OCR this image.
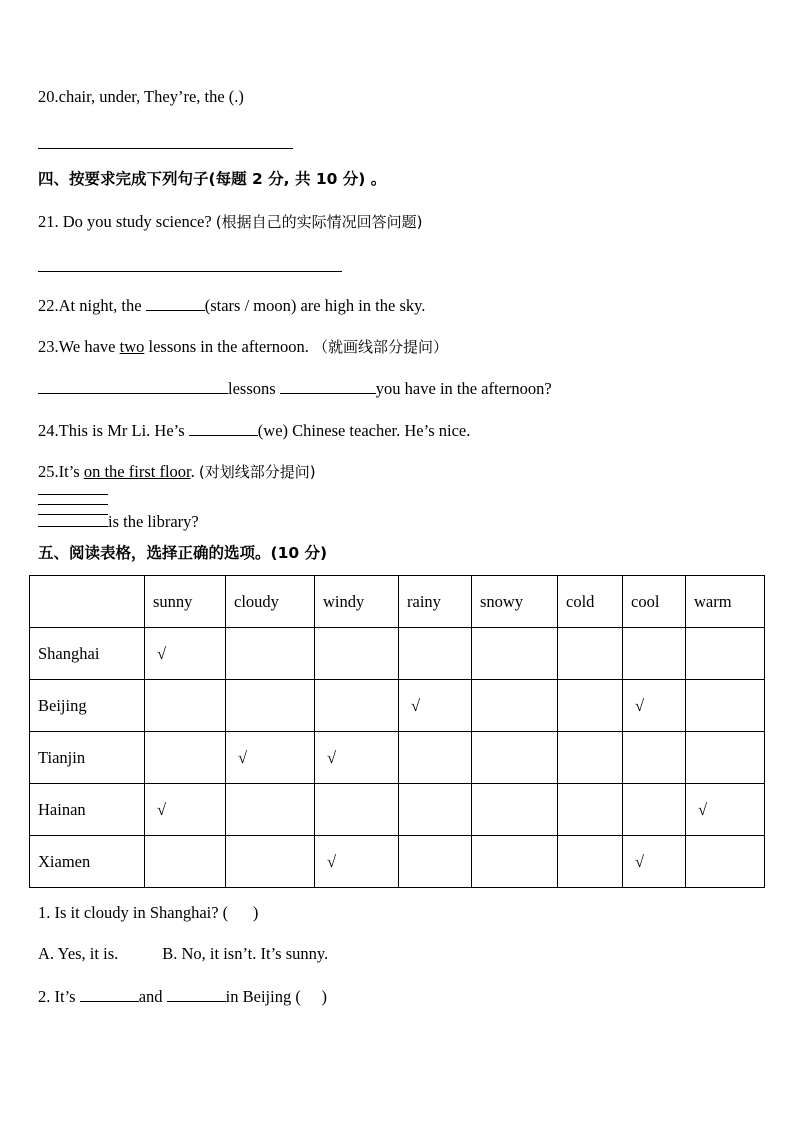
20.chair, under, They’re, the (.)
四、按要求完成下列句子(每题 2 分, 共 10 分) 。
21. Do you study science? (根据自己的实际情况回答问题)
22.At night, the	(stars / moon) are high in the sky.
23.We have two lessons in the afternoon. （就画线部分提问）
lessons	you have in the afternoon?
24.This is Mr Li. He’s	(we) Chinese teacher. He’s nice.
25.It’s on the first floor. (对划线部分提问)
is the library?
五、阅读表格，选择正确的选项。(10 分)
	sunny	cloudy	windy	rainy	snowy	cold	cool	warm
Shanghai	√							
Beijing				√			√	
Tianjin		√	√					
Hainan	√							√
Xiamen			√				√	
1. Is it cloudy in Shanghai? (      )
A. Yes, it is.	B. No, it isn’t. It’s sunny.
2. It’s	and	in Beijing (     )
